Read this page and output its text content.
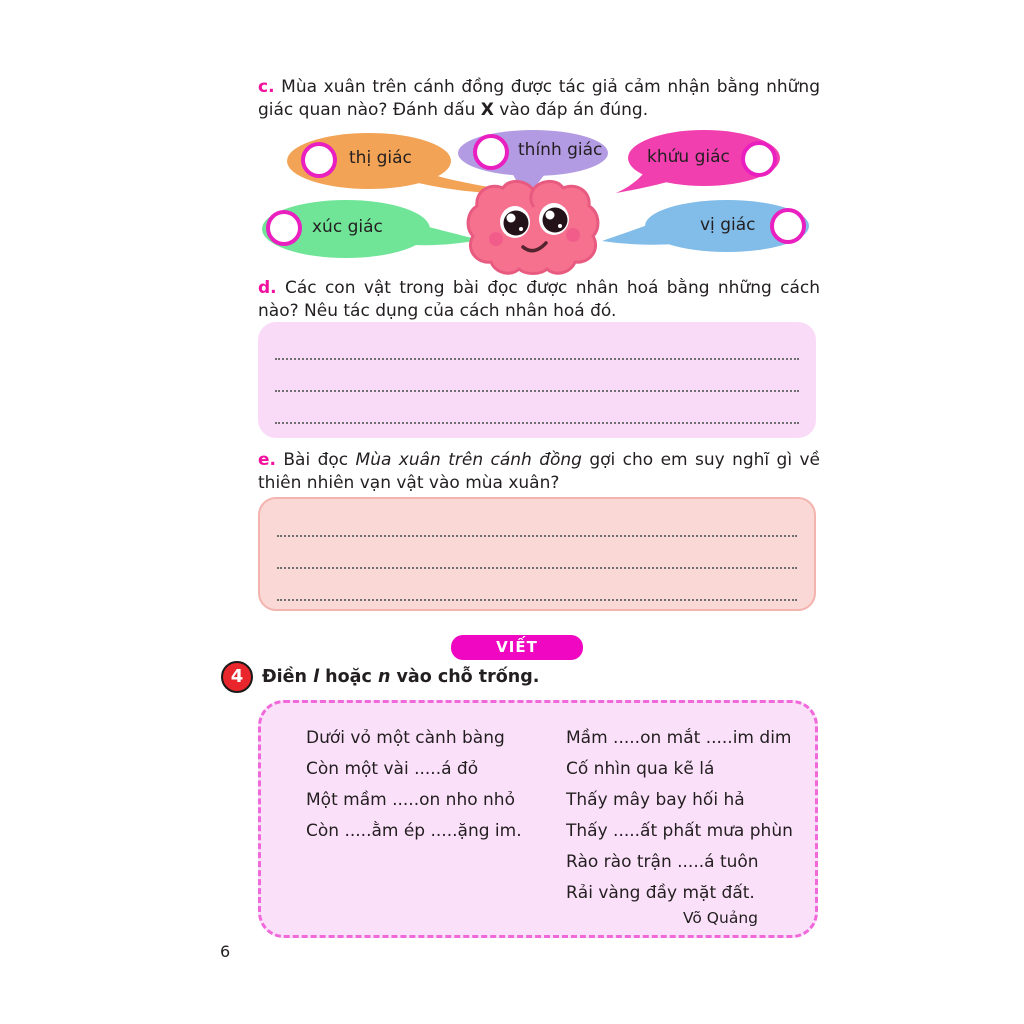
c. Mùa xuân trên cánh đồng được tác giả cảm nhận bằng những giác quan nào? Đánh dấu X vào đáp án đúng.

thị giác	thính giác	khứu giác
xúc giác	vị giác

d. Các con vật trong bài đọc được nhân hoá bằng những cách nào? Nêu tác dụng của cách nhân hoá đó.

e. Bài đọc Mùa xuân trên cánh đồng gợi cho em suy nghĩ gì về thiên nhiên vạn vật vào mùa xuân?

VIẾT
4	Điền l hoặc n vào chỗ trống.

Dưới vỏ một cành bàng
Còn một vài .....á đỏ
Một mầm .....on nho nhỏ
Còn .....ằm ép .....ặng im.
Mầm .....on mắt .....im dim
Cố nhìn qua kẽ lá
Thấy mây bay hối hả
Thấy .....ất phất mưa phùn
Rào rào trận .....á tuôn
Rải vàng đầy mặt đất.
Võ Quảng
6
